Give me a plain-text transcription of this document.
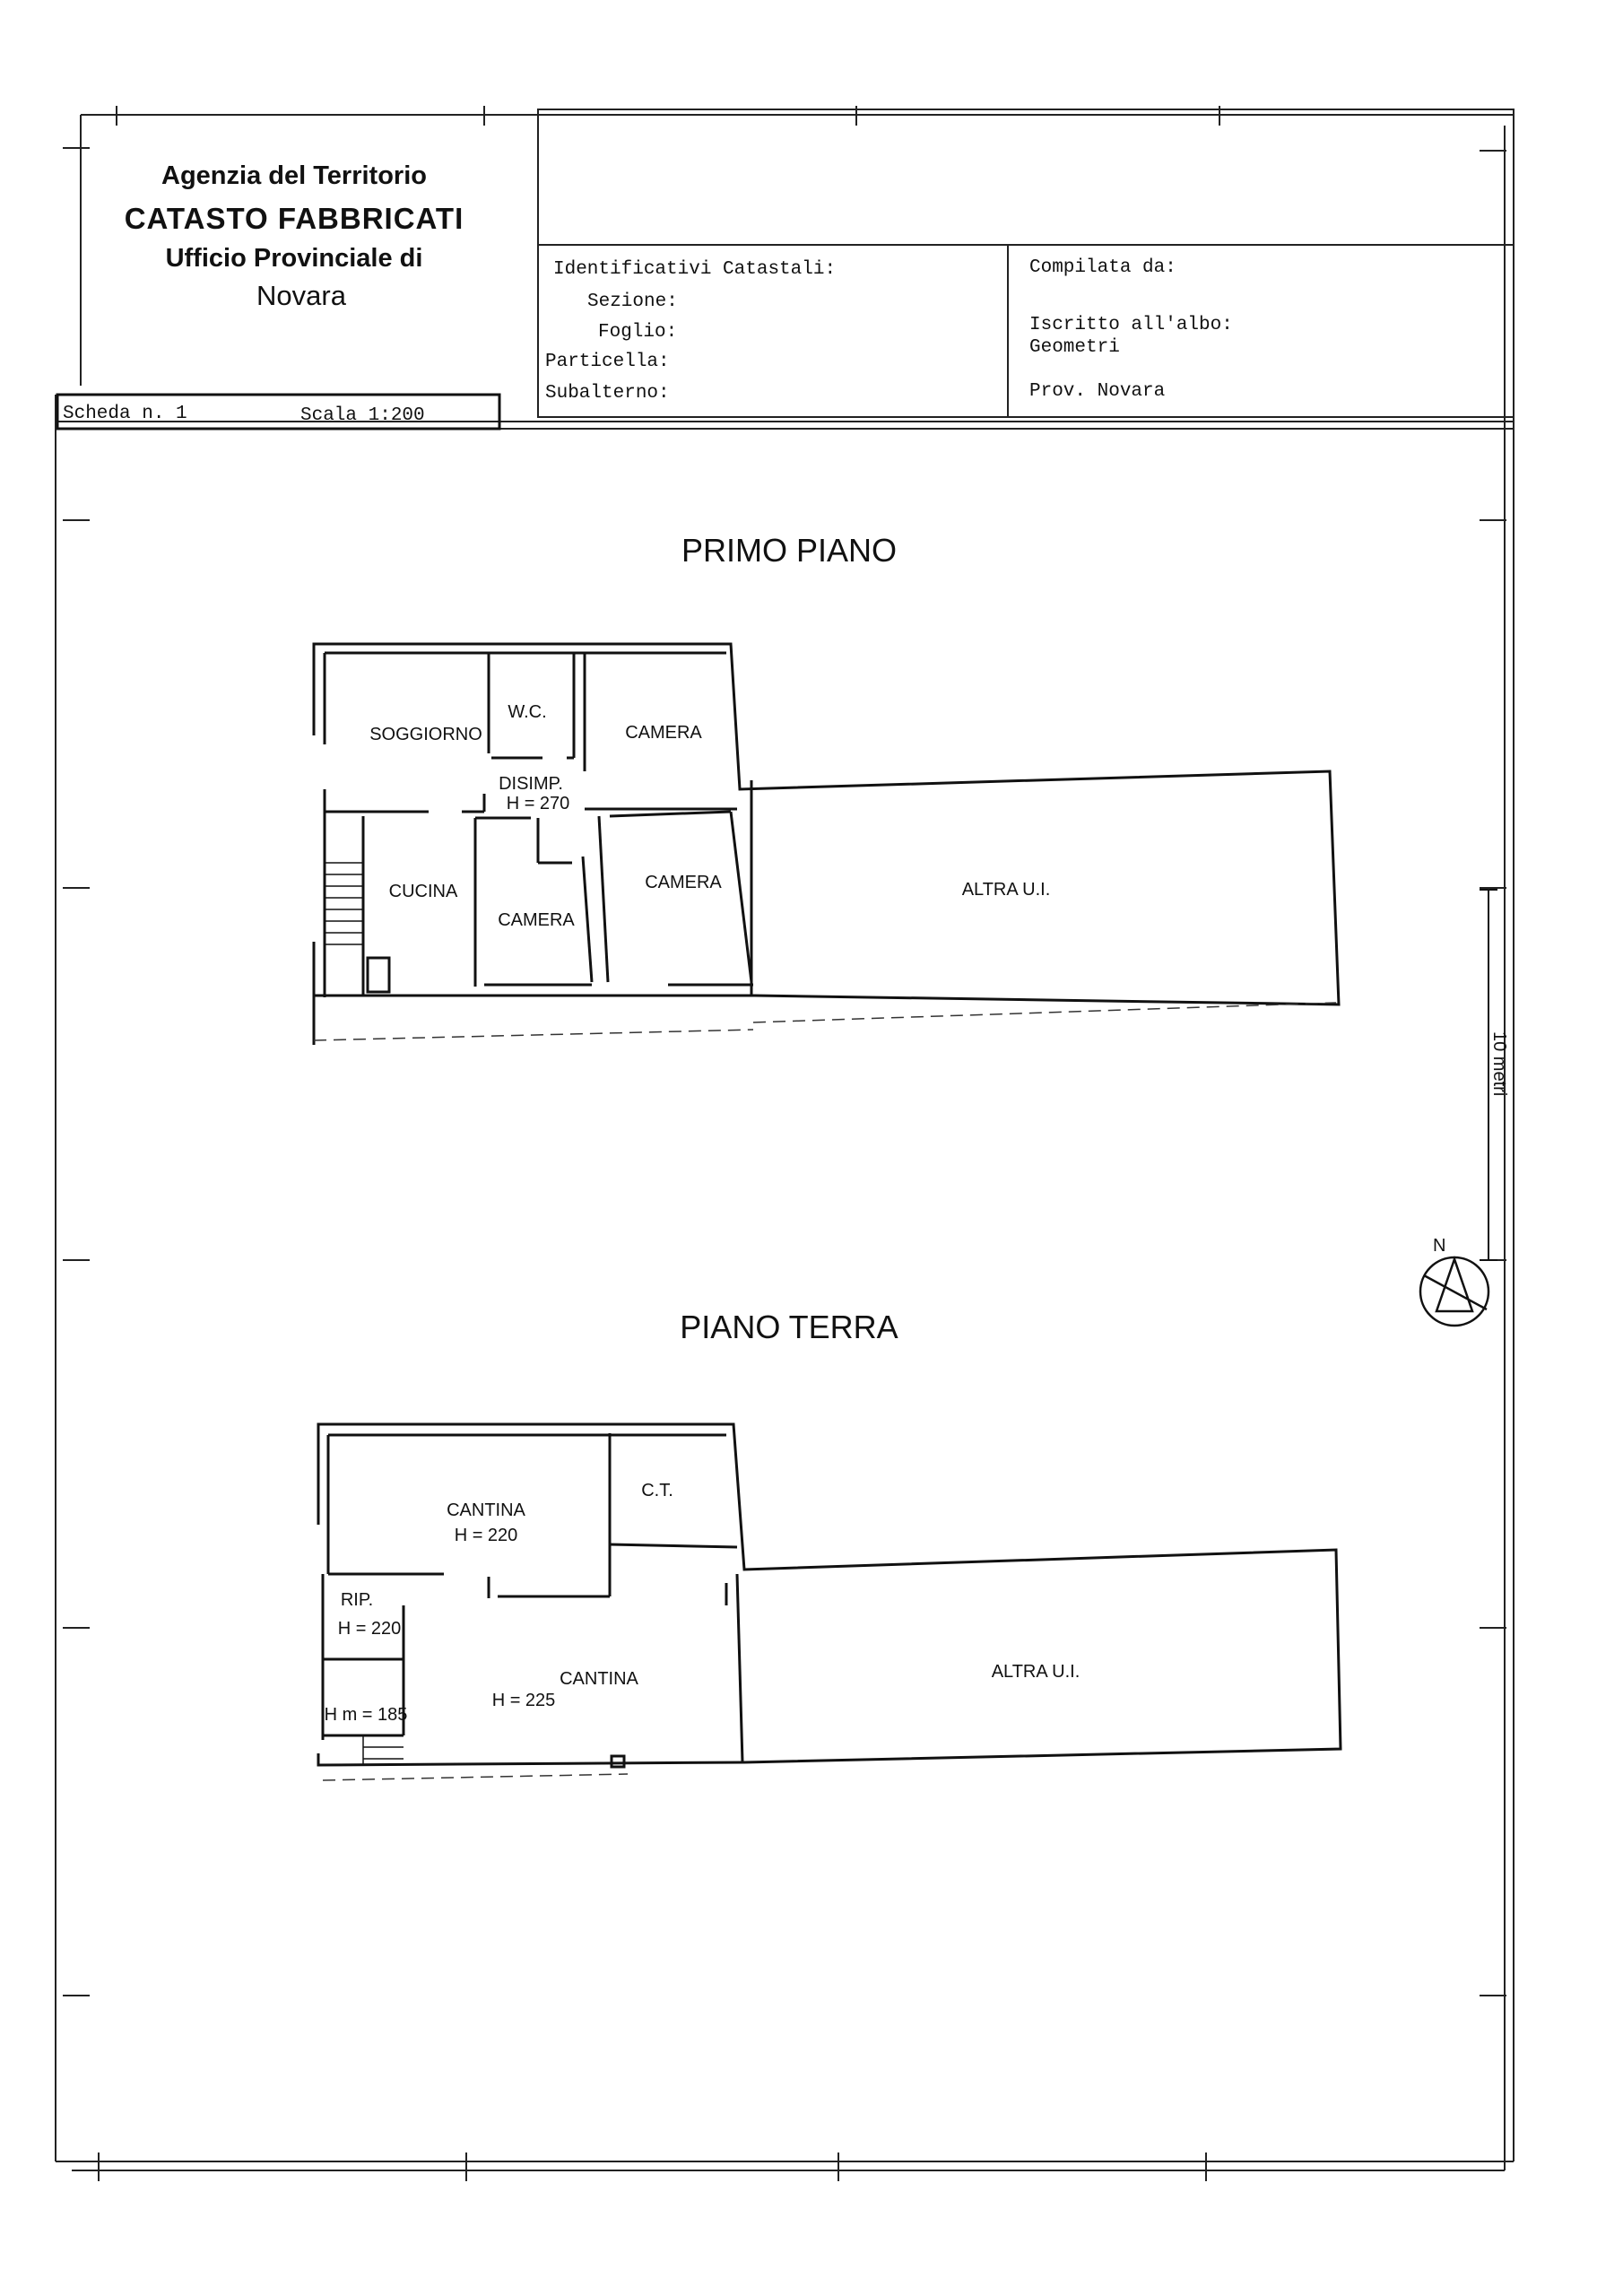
Agenzia del Territorio
CATASTO FABBRICATI
Ufficio Provinciale di
Novara
Scheda n. 1	Scala 1:200
Identificativi Catastali:
Sezione:
Foglio:
Particella:
Subalterno:
Compilata da:
Iscritto all'albo:
Geometri
Prov. Novara
PRIMO PIANO
SOGGIORNO
W.C.
CAMERA
DISIMP.
H = 270
CUCINA
CAMERA
CAMERA	ALTRA U.I.
PIANO TERRA
CANTINA
H = 220
C.T.
RIP.
H = 220
H m = 185
CANTINA
H = 225
ALTRA U.I.
10 metri
N
